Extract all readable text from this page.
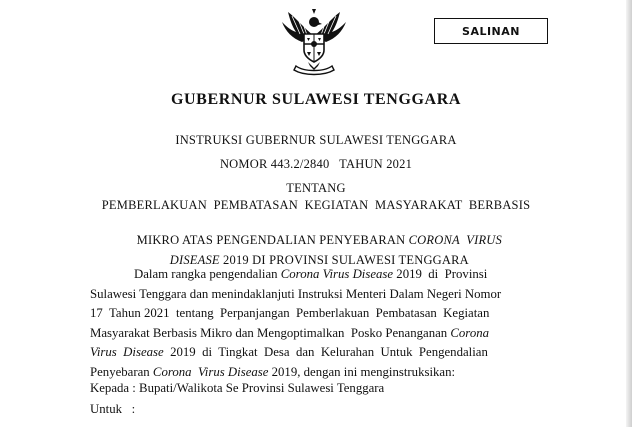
SALINAN
GUBERNUR SULAWESI TENGGARA
INSTRUKSI GUBERNUR SULAWESI TENGGARA
NOMOR 443.2/2840   TAHUN 2021
TENTANG
PEMBERLAKUAN  PEMBATASAN  KEGIATAN  MASYARAKAT  BERBASIS

MIKRO ATAS PENGENDALIAN PENYEBARAN CORONA  VIRUS

DISEASE 2019 DI PROVINSI SULAWESI TENGGARA

Dalam rangka pengendalian Corona Virus Disease 2019  di  Provinsi
Sulawesi Tenggara dan menindaklanjuti Instruksi Menteri Dalam Negeri Nomor
17  Tahun 2021  tentang  Perpanjangan  Pemberlakuan  Pembatasan  Kegiatan
Masyarakat Berbasis Mikro dan Mengoptimalkan  Posko Penanganan Corona
Virus  Disease  2019  di  Tingkat  Desa  dan  Kelurahan  Untuk  Pengendalian
Penyebaran Corona  Virus Disease 2019, dengan ini menginstruksikan:
Kepada : Bupati/Walikota Se Provinsi Sulawesi Tenggara
Untuk   :
